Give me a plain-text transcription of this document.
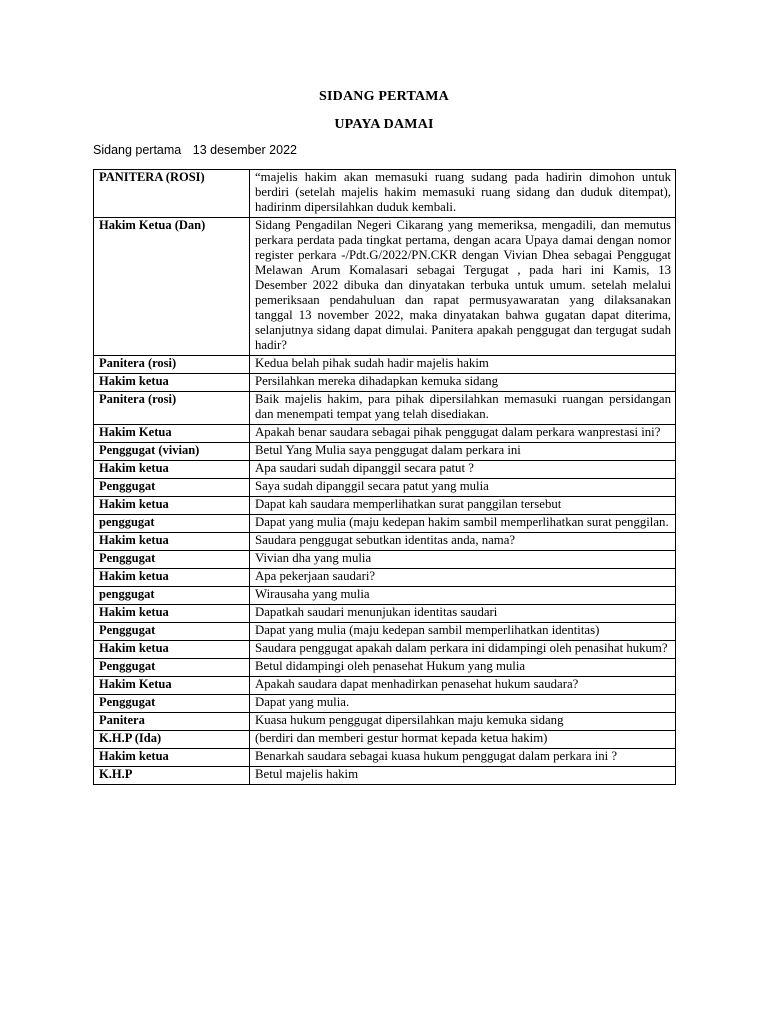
SIDANG PERTAMA
UPAYA DAMAI
Sidang pertama 13 desember 2022
PANITERA (ROSI)	“majelis hakim akan memasuki ruang sudang pada hadirin dimohon untuk berdiri (setelah majelis hakim memasuki ruang sidang dan duduk ditempat), hadirinm dipersilahkan duduk kembali.
Hakim Ketua (Dan)	Sidang Pengadilan Negeri Cikarang yang memeriksa, mengadili, dan memutus perkara perdata pada tingkat pertama, dengan acara Upaya damai dengan nomor register perkara -/Pdt.G/2022/PN.CKR dengan Vivian Dhea sebagai Penggugat Melawan Arum Komalasari sebagai Tergugat , pada hari ini Kamis, 13 Desember 2022 dibuka dan dinyatakan terbuka untuk umum. setelah melalui pemeriksaan pendahuluan dan rapat permusyawaratan yang dilaksanakan tanggal 13 november 2022, maka dinyatakan bahwa gugatan dapat diterima, selanjutnya sidang dapat dimulai. Panitera apakah penggugat dan tergugat sudah hadir?
Panitera (rosi)	Kedua belah pihak sudah hadir majelis hakim
Hakim ketua	Persilahkan mereka dihadapkan kemuka sidang
Panitera (rosi)	Baik majelis hakim, para pihak dipersilahkan memasuki ruangan persidangan dan menempati tempat yang telah disediakan.
Hakim Ketua	Apakah benar saudara sebagai pihak penggugat dalam perkara wanprestasi ini?
Penggugat (vivian)	Betul Yang Mulia saya penggugat dalam perkara ini
Hakim ketua	Apa saudari sudah dipanggil secara patut ?
Penggugat	Saya sudah dipanggil secara patut yang mulia
Hakim ketua	Dapat kah saudara memperlihatkan surat panggilan tersebut
penggugat	Dapat yang mulia (maju kedepan hakim sambil memperlihatkan surat penggilan.
Hakim ketua	Saudara penggugat sebutkan identitas anda, nama?
Penggugat	Vivian dha yang mulia
Hakim ketua	Apa pekerjaan saudari?
penggugat	Wirausaha yang mulia
Hakim ketua	Dapatkah saudari menunjukan identitas saudari
Penggugat	Dapat yang mulia (maju kedepan sambil memperlihatkan identitas)
Hakim ketua	Saudara penggugat apakah dalam perkara ini didampingi oleh penasihat hukum?
Penggugat	Betul didampingi oleh penasehat Hukum yang mulia
Hakim Ketua	Apakah saudara dapat menhadirkan penasehat hukum saudara?
Penggugat	Dapat yang mulia.
Panitera	Kuasa hukum penggugat dipersilahkan maju kemuka sidang
K.H.P (Ida)	(berdiri dan memberi gestur hormat kepada ketua hakim)
Hakim ketua	Benarkah saudara sebagai kuasa hukum penggugat dalam perkara ini ?
K.H.P	Betul majelis hakim
